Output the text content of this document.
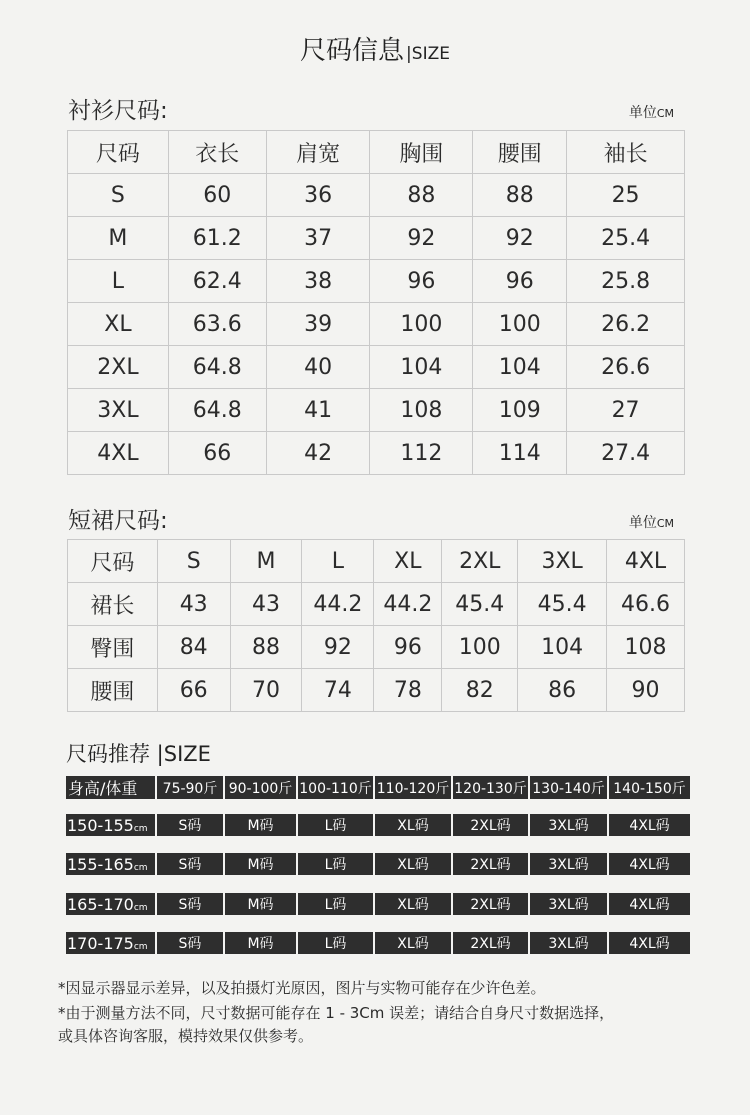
尺码信息 |SIZE
衬衫尺码:	单位CM
尺码	衣长	肩宽	胸围	腰围	袖长
S	60	36	88	88	25
M	61.2	37	92	92	25.4
L	62.4	38	96	96	25.8
XL	63.6	39	100	100	26.2
2XL	64.8	40	104	104	26.6
3XL	64.8	41	108	109	27
4XL	66	42	112	114	27.4
短裙尺码:	单位CM
尺码	S	M	L	XL	2XL	3XL	4XL
裙长	43	43	44.2	44.2	45.4	45.4	46.6
臀围	84	88	92	96	100	104	108
腰围	66	70	74	78	82	86	90
尺码推荐 |SIZE
身高/体重	75-90斤	90-100斤	100-110斤	110-120斤	120-130斤	130-140斤	140-150斤
150-155cm	S码	M码	L码	XL码	2XL码	3XL码	4XL码
155-165cm	S码	M码	L码	XL码	2XL码	3XL码	4XL码
165-170cm	S码	M码	L码	XL码	2XL码	3XL码	4XL码
170-175cm	S码	M码	L码	XL码	2XL码	3XL码	4XL码
*因显示器显示差异，以及拍摄灯光原因，图片与实物可能存在少许色差。
*由于测量方法不同，尺寸数据可能存在 1 - 3Cm 误差；请结合自身尺寸数据选择，
或具体咨询客服，模持效果仅供参考。
